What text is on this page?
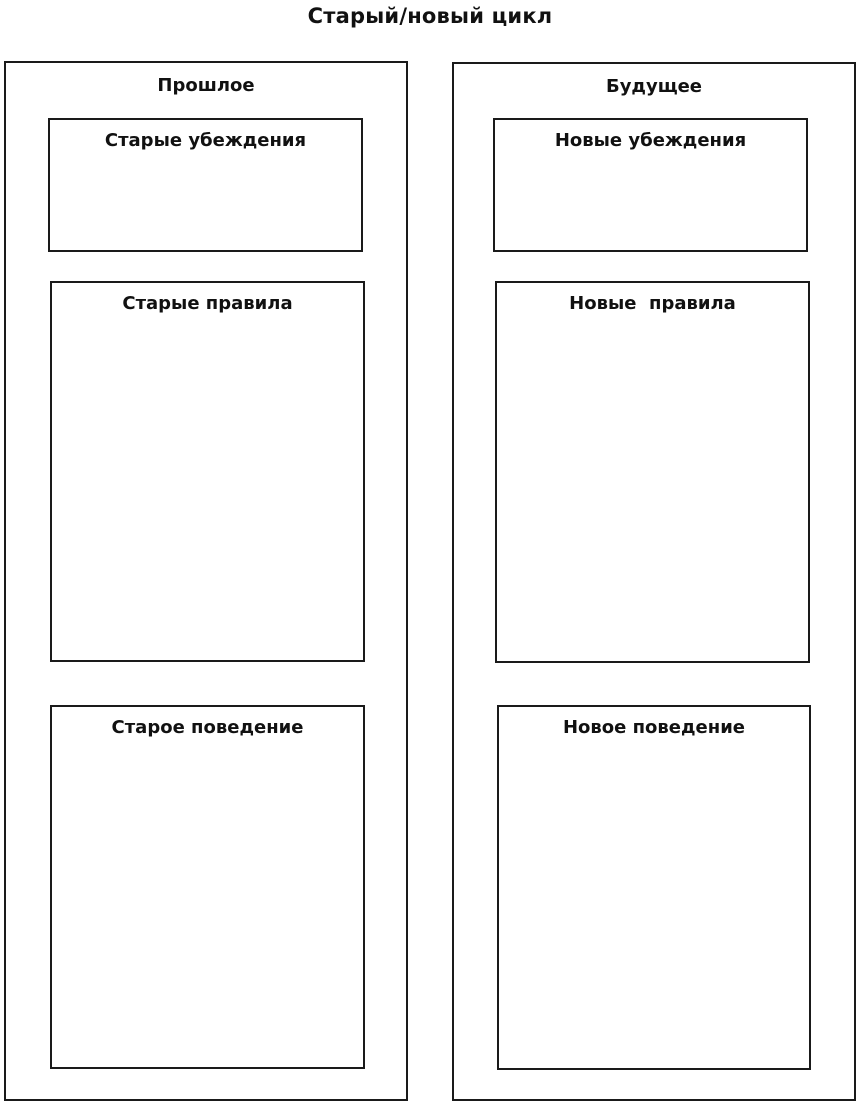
Старый/новый цикл
Прошлое
Старые убеждения
Старые правила
Старое поведение
Будущее
Новые убеждения
Новые  правила
Новое поведение
